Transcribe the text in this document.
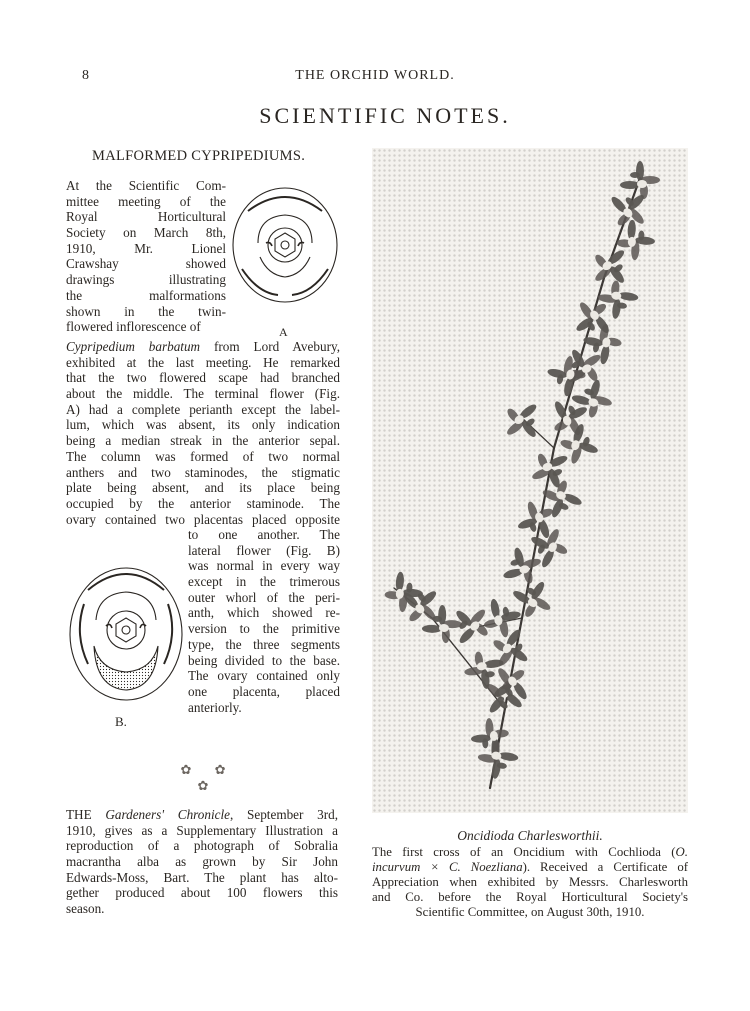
8	THE ORCHID WORLD.
SCIENTIFIC NOTES.
MALFORMED CYPRIPEDIUMS.
At the Scientific Com-
mittee meeting of the
Royal Horticultural
Society on March 8th,
1910, Mr. Lionel
Crawshay showed
drawings illustrating
the malformations
shown in the twin-
flowered inflorescence of	A
Cypripedium barbatum from Lord Avebury,
exhibited at the last meeting. He remarked
that the two flowered scape had branched
about the middle. The terminal flower (Fig.
A) had a complete perianth except the label-
lum, which was absent, its only indication
being a median streak in the anterior sepal.
The column was formed of two normal
anthers and two staminodes, the stigmatic
plate being absent, and its place being
occupied by the anterior staminode. The
ovary contained two placentas placed opposite
B.
to one another. The
lateral flower (Fig. B)
was normal in every way
except in the trimerous
outer whorl of the peri-
anth, which showed re-
version to the primitive
type, the three segments
being divided to the base.
The ovary contained only
one placenta, placed
anteriorly.
✿ ✿ ✿
THE Gardeners' Chronicle, September 3rd,
1910, gives as a Supplementary Illustration a
reproduction of a photograph of Sobralia
macrantha alba as grown by Sir John
Edwards-Moss, Bart. The plant has alto-
gether produced about 100 flowers this
season.
Oncidioda Charlesworthii.
The first cross of an Oncidium with Cochlioda (O.
incurvum × C. Noezliana). Received a Certificate of
Appreciation when exhibited by Messrs. Charlesworth
and Co. before the Royal Horticultural Society's
Scientific Committee, on August 30th, 1910.
